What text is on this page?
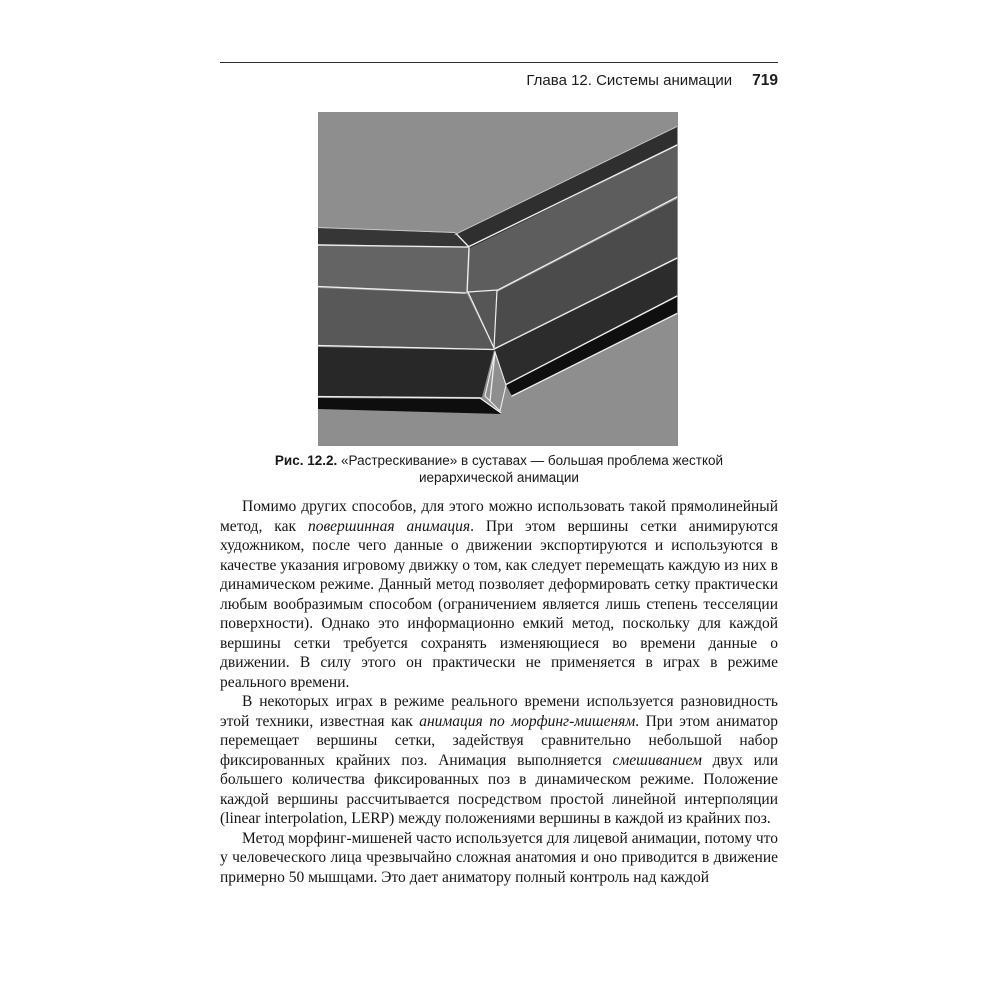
Глава 12. Системы анимации 719
Рис. 12.2. «Растрескивание» в суставах — большая проблема жесткой иерархической анимации

Помимо других способов, для этого можно использовать такой прямолинейный метод, как повершинная анимация. При этом вершины сетки анимируются художником, после чего данные о движении экспортируются и используются в качестве указания игровому движку о том, как следует перемещать каждую из них в динамическом режиме. Данный метод позволяет деформировать сетку практически любым вообразимым способом (ограничением является лишь степень тесселяции поверхности). Однако это информационно емкий метод, поскольку для каждой вершины сетки требуется сохранять изменяющиеся во времени данные о движении. В силу этого он практически не применяется в играх в режиме реального времени.

В некоторых играх в режиме реального времени используется разновидность этой техники, известная как анимация по морфинг-мишеням. При этом аниматор перемещает вершины сетки, задействуя сравнительно небольшой набор фиксированных крайних поз. Анимация выполняется смешиванием двух или большего количества фиксированных поз в динамическом режиме. Положение каждой вершины рассчитывается посредством простой линейной интерполяции (linear interpolation, LERP) между положениями вершины в каждой из крайних поз.

Метод морфинг-мишеней часто используется для лицевой анимации, потому что у человеческого лица чрезвычайно сложная анатомия и оно приводится в движение примерно 50 мышцами. Это дает аниматору полный контроль над каждой
